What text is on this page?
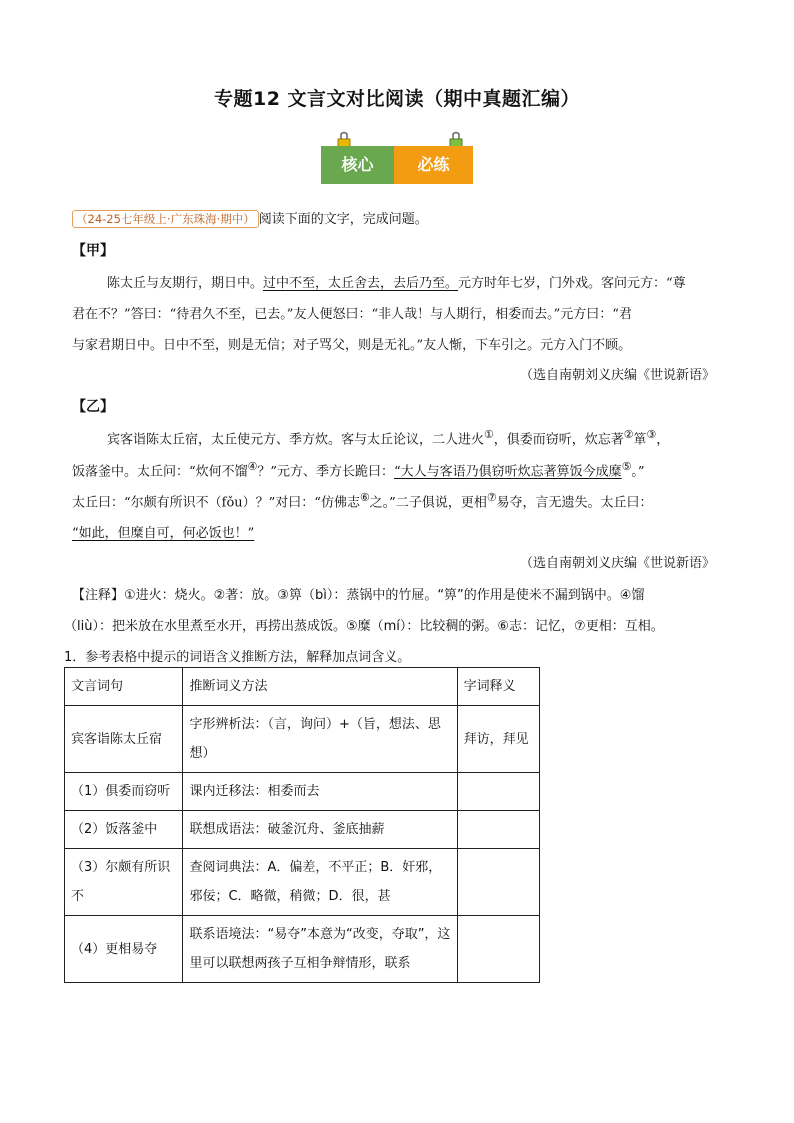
专题12 文言文对比阅读（期中真题汇编）
核心	必练
（24-25七年级上·广东珠海·期中） 阅读下面的文字，完成问题。
【甲】
陈太丘与友期行，期日中。过中不至，太丘舍去，去后乃至。元方时年七岁，门外戏。客问元方：“尊
君在不？”答曰：“待君久不至，已去。”友人便怒曰：“非人哉！与人期行，相委而去。”元方曰：“君
与家君期日中。日中不至，则是无信；对子骂父，则是无礼。”友人惭，下车引之。元方入门不顾。
（选自南朝刘义庆编《世说新语》
【乙】
宾客诣陈太丘宿，太丘使元方、季方炊。客与太丘论议，二人进火①，俱委而窃听，炊忘著②箪③，
饭落釜中。太丘问：“炊何不馏④？”元方、季方长跪曰：“大人与客语乃俱窃听炊忘著箅饭今成糜⑤。”
太丘曰：“尔颇有所识不（fǒu）？”对曰：“仿佛志⑥之。”二子俱说，更相⑦易夺，言无遗失。太丘曰：
“如此，但糜自可，何必饭也！”
（选自南朝刘义庆编《世说新语》
【注释】①进火：烧火。②著：放。③箅（bì）：蒸锅中的竹屉。“箅”的作用是使米不漏到锅中。④馏
（liù）：把米放在水里煮至水开，再捞出蒸成饭。⑤糜（mí）：比较稠的粥。⑥志：记忆，⑦更相：互相。
1．参考表格中提示的词语含义推断方法，解释加点词含义。
文言词句	推断词义方法	字词释义
宾客诣陈太丘宿	字形辨析法：（言，询问）+（旨，想法、思想）	拜访，拜见
（1）俱委而窃听	课内迁移法：相委而去	
（2）饭落釜中	联想成语法：破釜沉舟、釜底抽薪	
（3）尔颇有所识不	查阅词典法：A．偏差，不平正；B．奸邪，邪佞；C．略微，稍微；D．很，甚	
（4）更相易夺	联系语境法：“易夺”本意为“改变，夺取”，这里可以联想两孩子互相争辩情形，联系	
